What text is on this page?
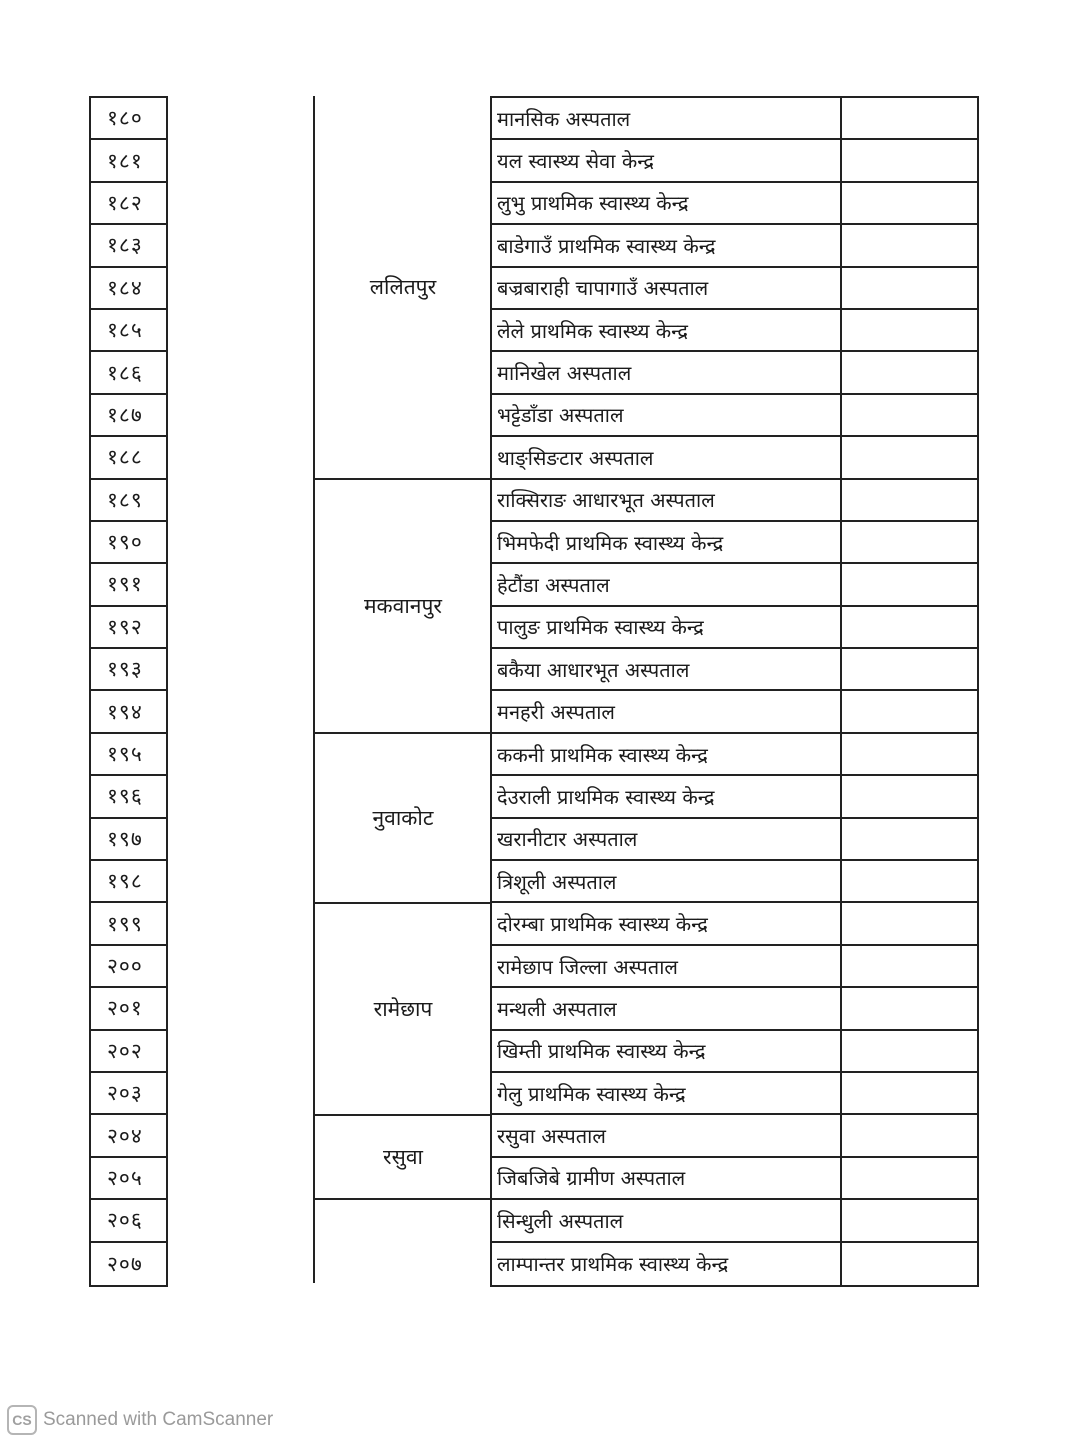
१८०
१८१
१८२
१८३
१८४
१८५
१८६
१८७
१८८
१८९
१९०
१९१
१९२
१९३
१९४
१९५
१९६
१९७
१९८
१९९
२००
२०१
२०२
२०३
२०४
२०५
२०६
२०७
ललितपुर
मकवानपुर
नुवाकोट
रामेछाप
रसुवा
मानसिक अस्पताल
यल स्वास्थ्य सेवा केन्द्र
लुभु प्राथमिक स्वास्थ्य केन्द्र
बाडेगाउँ प्राथमिक स्वास्थ्य केन्द्र
बज्रबाराही चापागाउँ अस्पताल
लेले प्राथमिक स्वास्थ्य केन्द्र
मानिखेल अस्पताल
भट्टेडाँडा अस्पताल
थाङ्सिङटार अस्पताल
राक्सिराङ आधारभूत अस्पताल
भिमफेदी प्राथमिक स्वास्थ्य केन्द्र
हेटौंडा अस्पताल
पालुङ प्राथमिक स्वास्थ्य केन्द्र
बकैया आधारभूत अस्पताल
मनहरी अस्पताल
ककनी प्राथमिक स्वास्थ्य केन्द्र
देउराली प्राथमिक स्वास्थ्य केन्द्र
खरानीटार अस्पताल
त्रिशूली अस्पताल
दोरम्बा प्राथमिक स्वास्थ्य केन्द्र
रामेछाप जिल्ला अस्पताल
मन्थली अस्पताल
खिम्ती प्राथमिक स्वास्थ्य केन्द्र
गेलु प्राथमिक स्वास्थ्य केन्द्र
रसुवा अस्पताल
जिबजिबे ग्रामीण अस्पताल
सिन्धुली अस्पताल
लाम्पान्तर प्राथमिक स्वास्थ्य केन्द्र
CS Scanned with CamScanner
